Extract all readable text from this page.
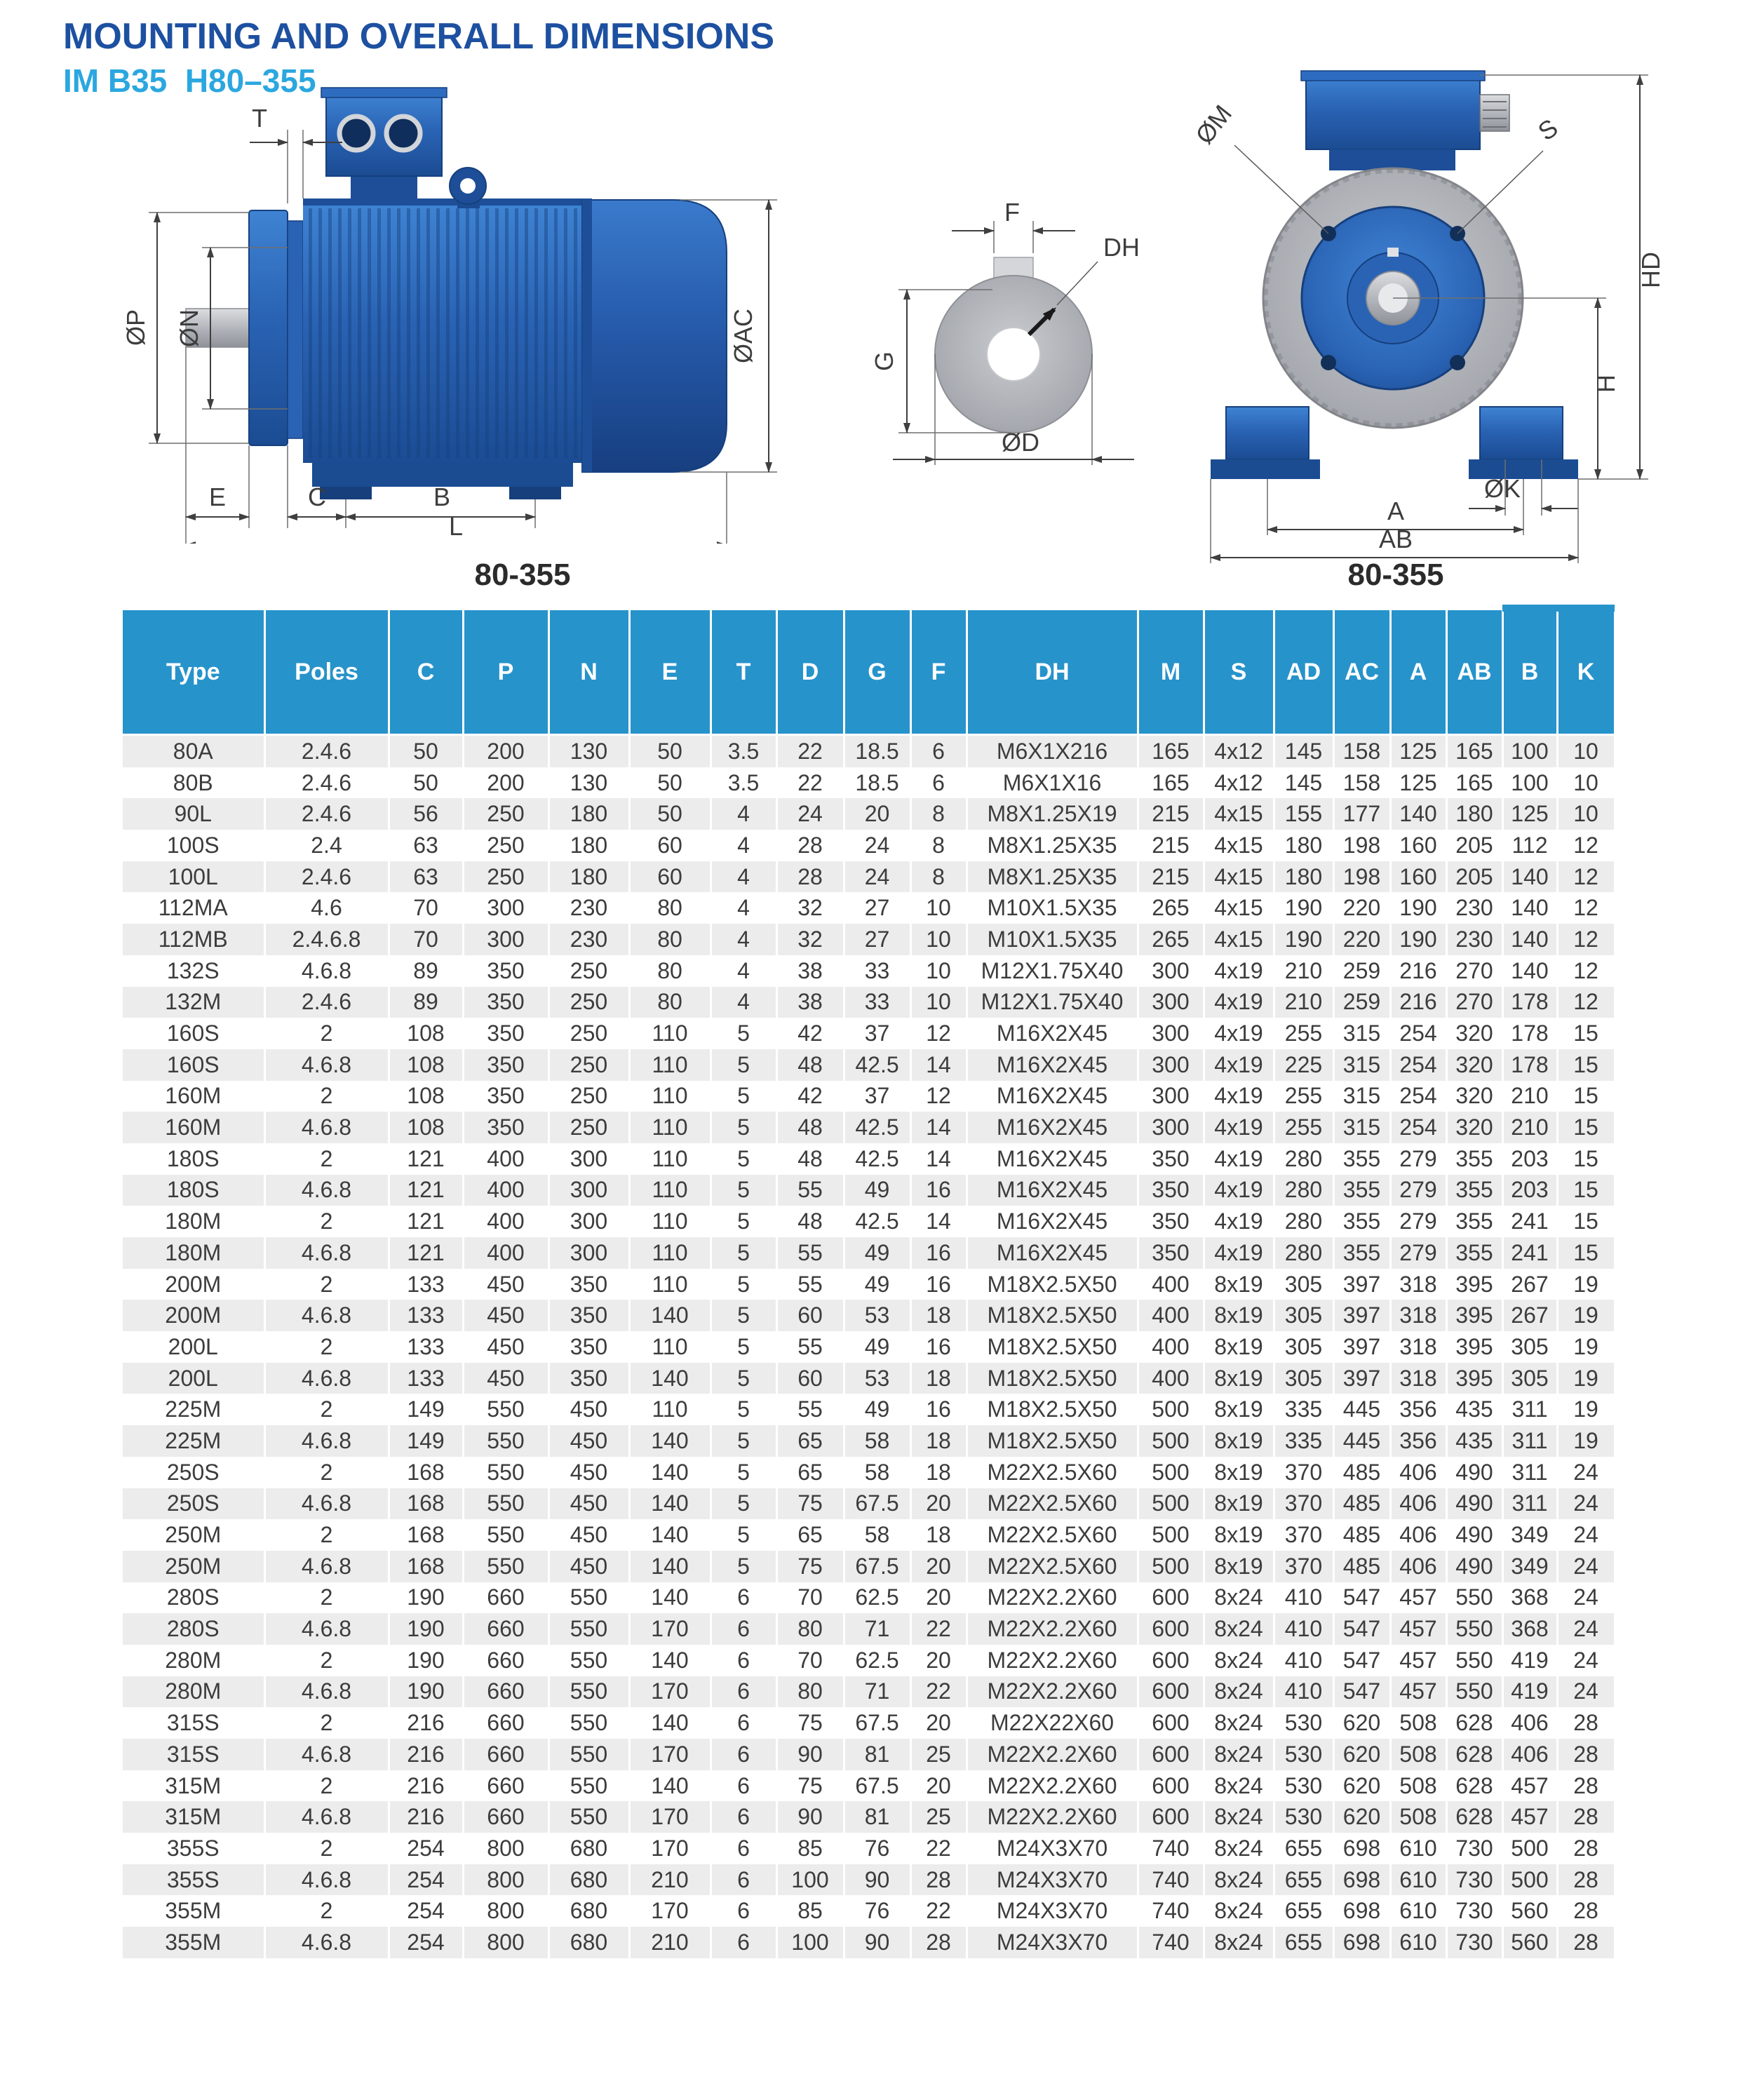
MOUNTING AND OVERALL DIMENSIONS
IM B35  H80–355
T
ØP ØN	ØAC
E	C	B
L
80-355
DH
F
G
ØD
HD
H
ØM	S
ØK
A
AB
80-355
Type	Poles	C	P	N	E	T	D	G	F	DH	M	S	AD	AC	A	AB	B	K
80A	2.4.6	50	200	130	50	3.5	22	18.5	6	M6X1X216	165	4x12	145	158	125	165	100	10
80B	2.4.6	50	200	130	50	3.5	22	18.5	6	M6X1X16	165	4x12	145	158	125	165	100	10
90L	2.4.6	56	250	180	50	4	24	20	8	M8X1.25X19	215	4x15	155	177	140	180	125	10
100S	2.4	63	250	180	60	4	28	24	8	M8X1.25X35	215	4x15	180	198	160	205	112	12
100L	2.4.6	63	250	180	60	4	28	24	8	M8X1.25X35	215	4x15	180	198	160	205	140	12
112MA	4.6	70	300	230	80	4	32	27	10	M10X1.5X35	265	4x15	190	220	190	230	140	12
112MB	2.4.6.8	70	300	230	80	4	32	27	10	M10X1.5X35	265	4x15	190	220	190	230	140	12
132S	4.6.8	89	350	250	80	4	38	33	10	M12X1.75X40	300	4x19	210	259	216	270	140	12
132M	2.4.6	89	350	250	80	4	38	33	10	M12X1.75X40	300	4x19	210	259	216	270	178	12
160S	2	108	350	250	110	5	42	37	12	M16X2X45	300	4x19	255	315	254	320	178	15
160S	4.6.8	108	350	250	110	5	48	42.5	14	M16X2X45	300	4x19	225	315	254	320	178	15
160M	2	108	350	250	110	5	42	37	12	M16X2X45	300	4x19	255	315	254	320	210	15
160M	4.6.8	108	350	250	110	5	48	42.5	14	M16X2X45	300	4x19	255	315	254	320	210	15
180S	2	121	400	300	110	5	48	42.5	14	M16X2X45	350	4x19	280	355	279	355	203	15
180S	4.6.8	121	400	300	110	5	55	49	16	M16X2X45	350	4x19	280	355	279	355	203	15
180M	2	121	400	300	110	5	48	42.5	14	M16X2X45	350	4x19	280	355	279	355	241	15
180M	4.6.8	121	400	300	110	5	55	49	16	M16X2X45	350	4x19	280	355	279	355	241	15
200M	2	133	450	350	110	5	55	49	16	M18X2.5X50	400	8x19	305	397	318	395	267	19
200M	4.6.8	133	450	350	140	5	60	53	18	M18X2.5X50	400	8x19	305	397	318	395	267	19
200L	2	133	450	350	110	5	55	49	16	M18X2.5X50	400	8x19	305	397	318	395	305	19
200L	4.6.8	133	450	350	140	5	60	53	18	M18X2.5X50	400	8x19	305	397	318	395	305	19
225M	2	149	550	450	110	5	55	49	16	M18X2.5X50	500	8x19	335	445	356	435	311	19
225M	4.6.8	149	550	450	140	5	65	58	18	M18X2.5X50	500	8x19	335	445	356	435	311	19
250S	2	168	550	450	140	5	65	58	18	M22X2.5X60	500	8x19	370	485	406	490	311	24
250S	4.6.8	168	550	450	140	5	75	67.5	20	M22X2.5X60	500	8x19	370	485	406	490	311	24
250M	2	168	550	450	140	5	65	58	18	M22X2.5X60	500	8x19	370	485	406	490	349	24
250M	4.6.8	168	550	450	140	5	75	67.5	20	M22X2.5X60	500	8x19	370	485	406	490	349	24
280S	2	190	660	550	140	6	70	62.5	20	M22X2.2X60	600	8x24	410	547	457	550	368	24
280S	4.6.8	190	660	550	170	6	80	71	22	M22X2.2X60	600	8x24	410	547	457	550	368	24
280M	2	190	660	550	140	6	70	62.5	20	M22X2.2X60	600	8x24	410	547	457	550	419	24
280M	4.6.8	190	660	550	170	6	80	71	22	M22X2.2X60	600	8x24	410	547	457	550	419	24
315S	2	216	660	550	140	6	75	67.5	20	M22X22X60	600	8x24	530	620	508	628	406	28
315S	4.6.8	216	660	550	170	6	90	81	25	M22X2.2X60	600	8x24	530	620	508	628	406	28
315M	2	216	660	550	140	6	75	67.5	20	M22X2.2X60	600	8x24	530	620	508	628	457	28
315M	4.6.8	216	660	550	170	6	90	81	25	M22X2.2X60	600	8x24	530	620	508	628	457	28
355S	2	254	800	680	170	6	85	76	22	M24X3X70	740	8x24	655	698	610	730	500	28
355S	4.6.8	254	800	680	210	6	100	90	28	M24X3X70	740	8x24	655	698	610	730	500	28
355M	2	254	800	680	170	6	85	76	22	M24X3X70	740	8x24	655	698	610	730	560	28
355M	4.6.8	254	800	680	210	6	100	90	28	M24X3X70	740	8x24	655	698	610	730	560	28
